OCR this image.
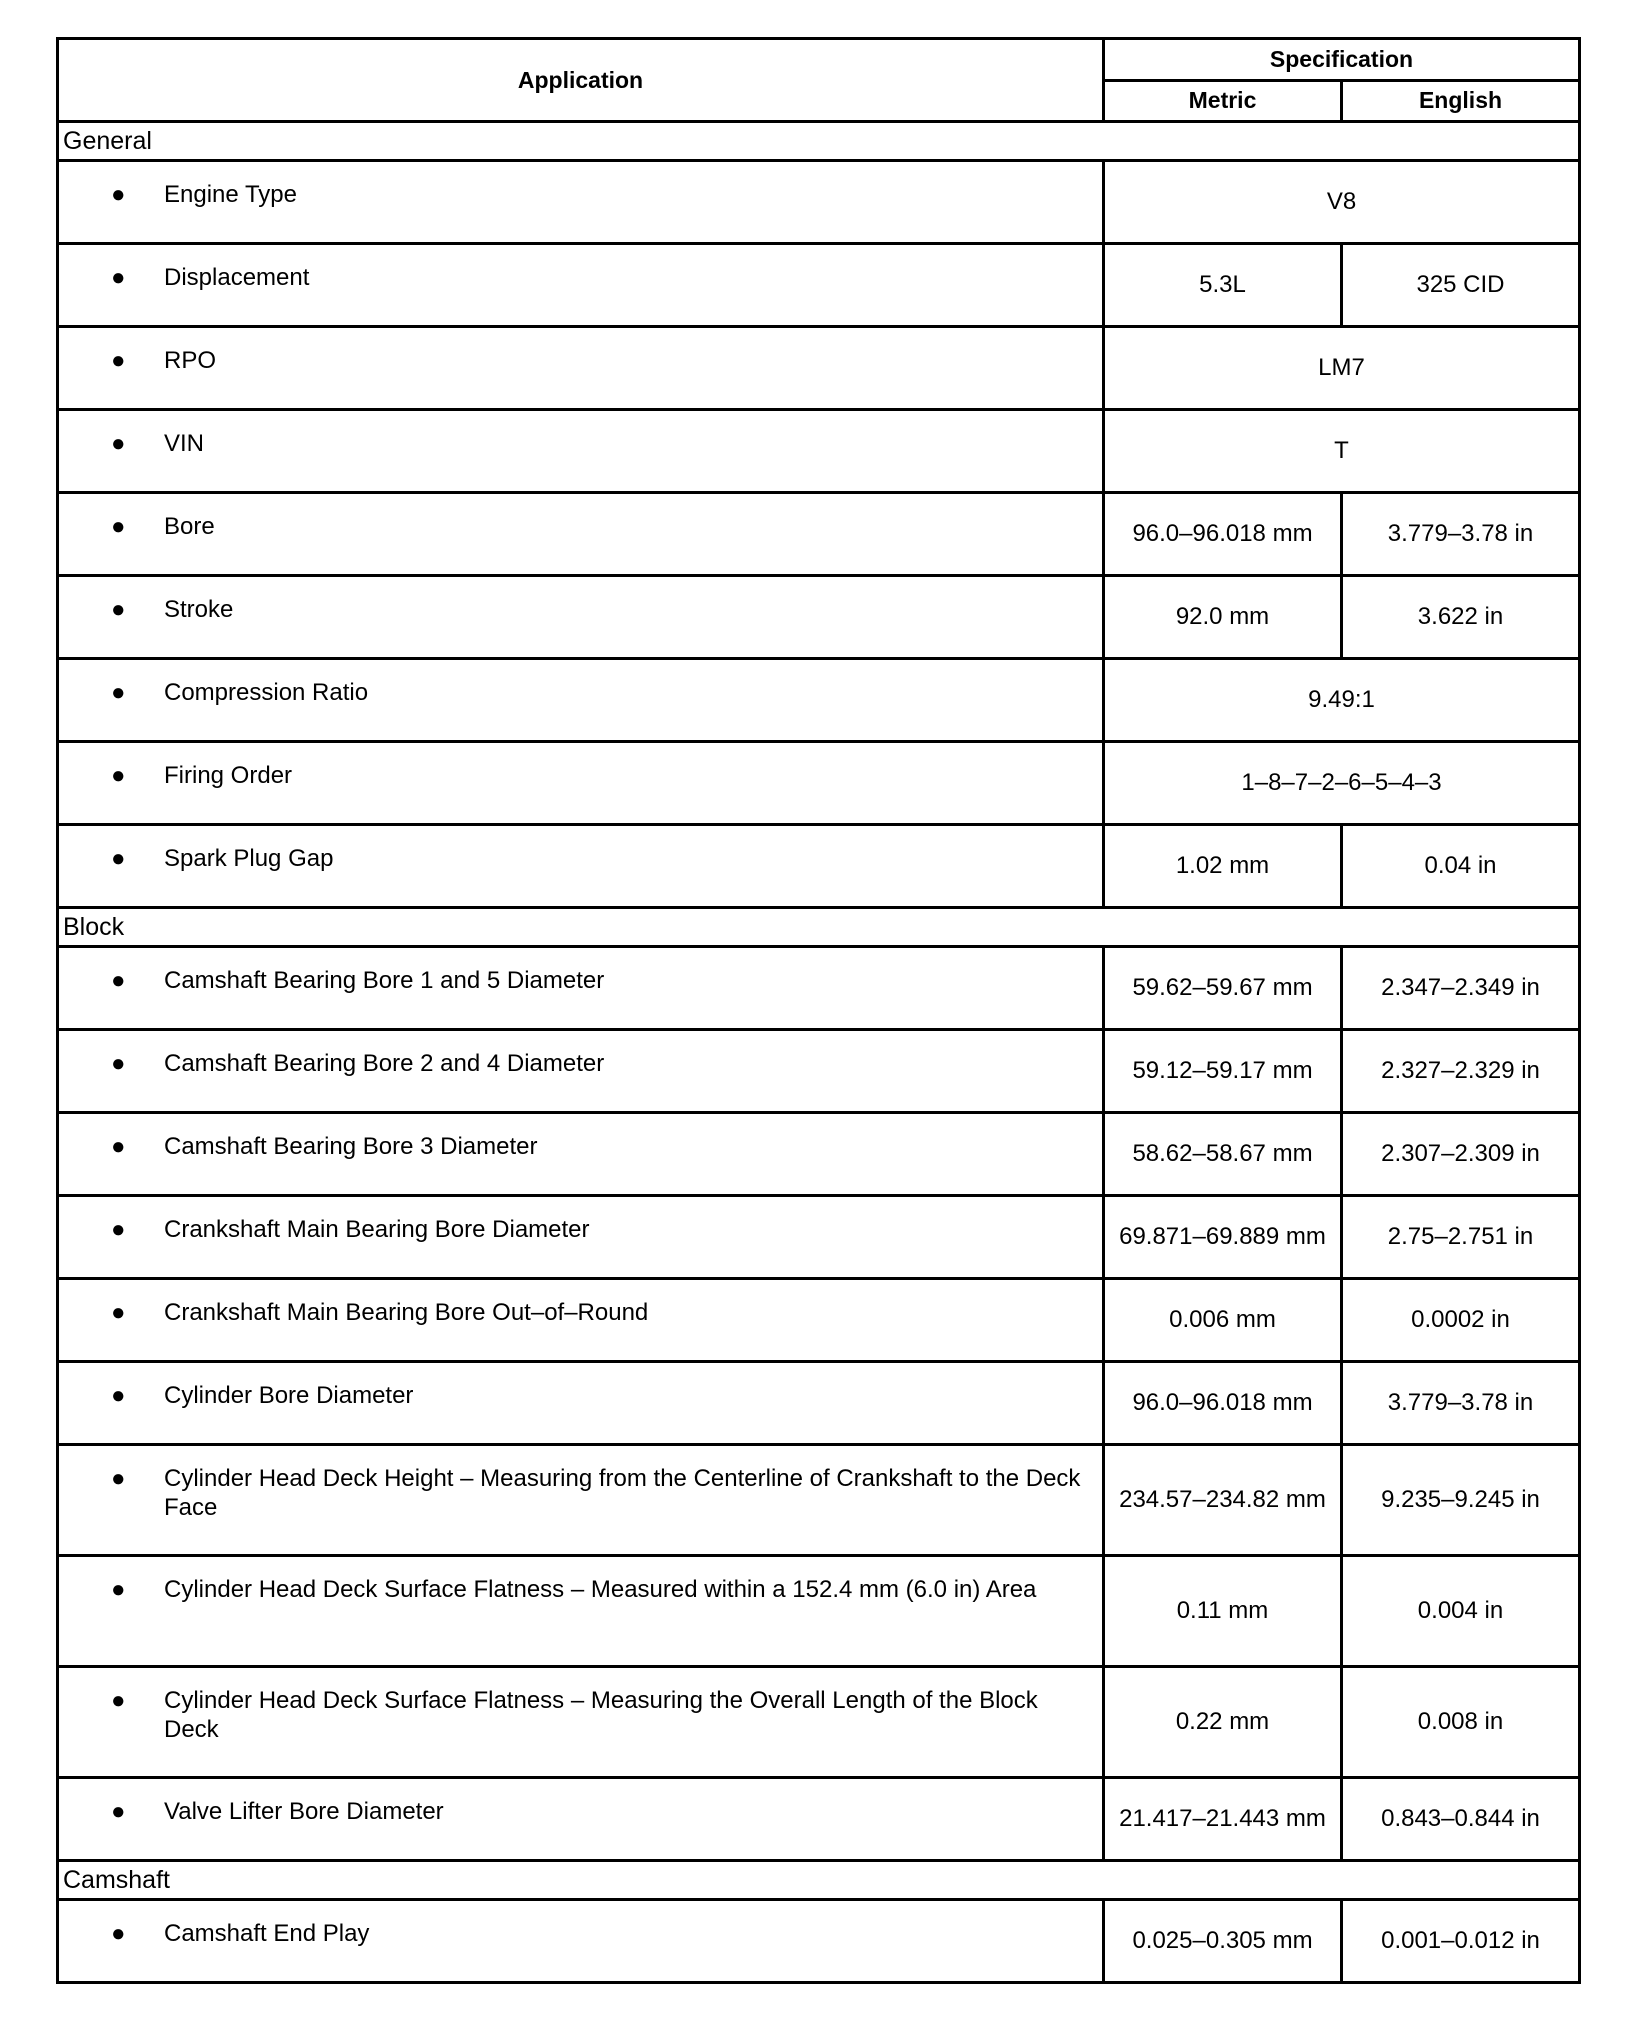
Application	Specification	
	Metric	English
General		

● Engine Type	V8	

● Displacement	5.3L	325 CID

● RPO	LM7	

● VIN	T	

● Bore	96.0–96.018 mm	3.779–3.78 in

● Stroke	92.0 mm	3.622 in

● Compression Ratio	9.49:1	

● Firing Order	1–8–7–2–6–5–4–3	

● Spark Plug Gap	1.02 mm	0.04 in
Block		

● Camshaft Bearing Bore 1 and 5 Diameter	59.62–59.67 mm	2.347–2.349 in

● Camshaft Bearing Bore 2 and 4 Diameter	59.12–59.17 mm	2.327–2.329 in

● Camshaft Bearing Bore 3 Diameter	58.62–58.67 mm	2.307–2.309 in

● Crankshaft Main Bearing Bore Diameter	69.871–69.889 mm	2.75–2.751 in

● Crankshaft Main Bearing Bore Out–of–Round	0.006 mm	0.0002 in

● Cylinder Bore Diameter	96.0–96.018 mm	3.779–3.78 in

● Cylinder Head Deck Height – Measuring from the Centerline of Crankshaft to the Deck Face	234.57–234.82 mm	9.235–9.245 in

● Cylinder Head Deck Surface Flatness – Measured within a 152.4 mm (6.0 in) Area	0.11 mm	0.004 in

● Cylinder Head Deck Surface Flatness – Measuring the Overall Length of the Block Deck	0.22 mm	0.008 in

● Valve Lifter Bore Diameter	21.417–21.443 mm	0.843–0.844 in
Camshaft		

● Camshaft End Play	0.025–0.305 mm	0.001–0.012 in
